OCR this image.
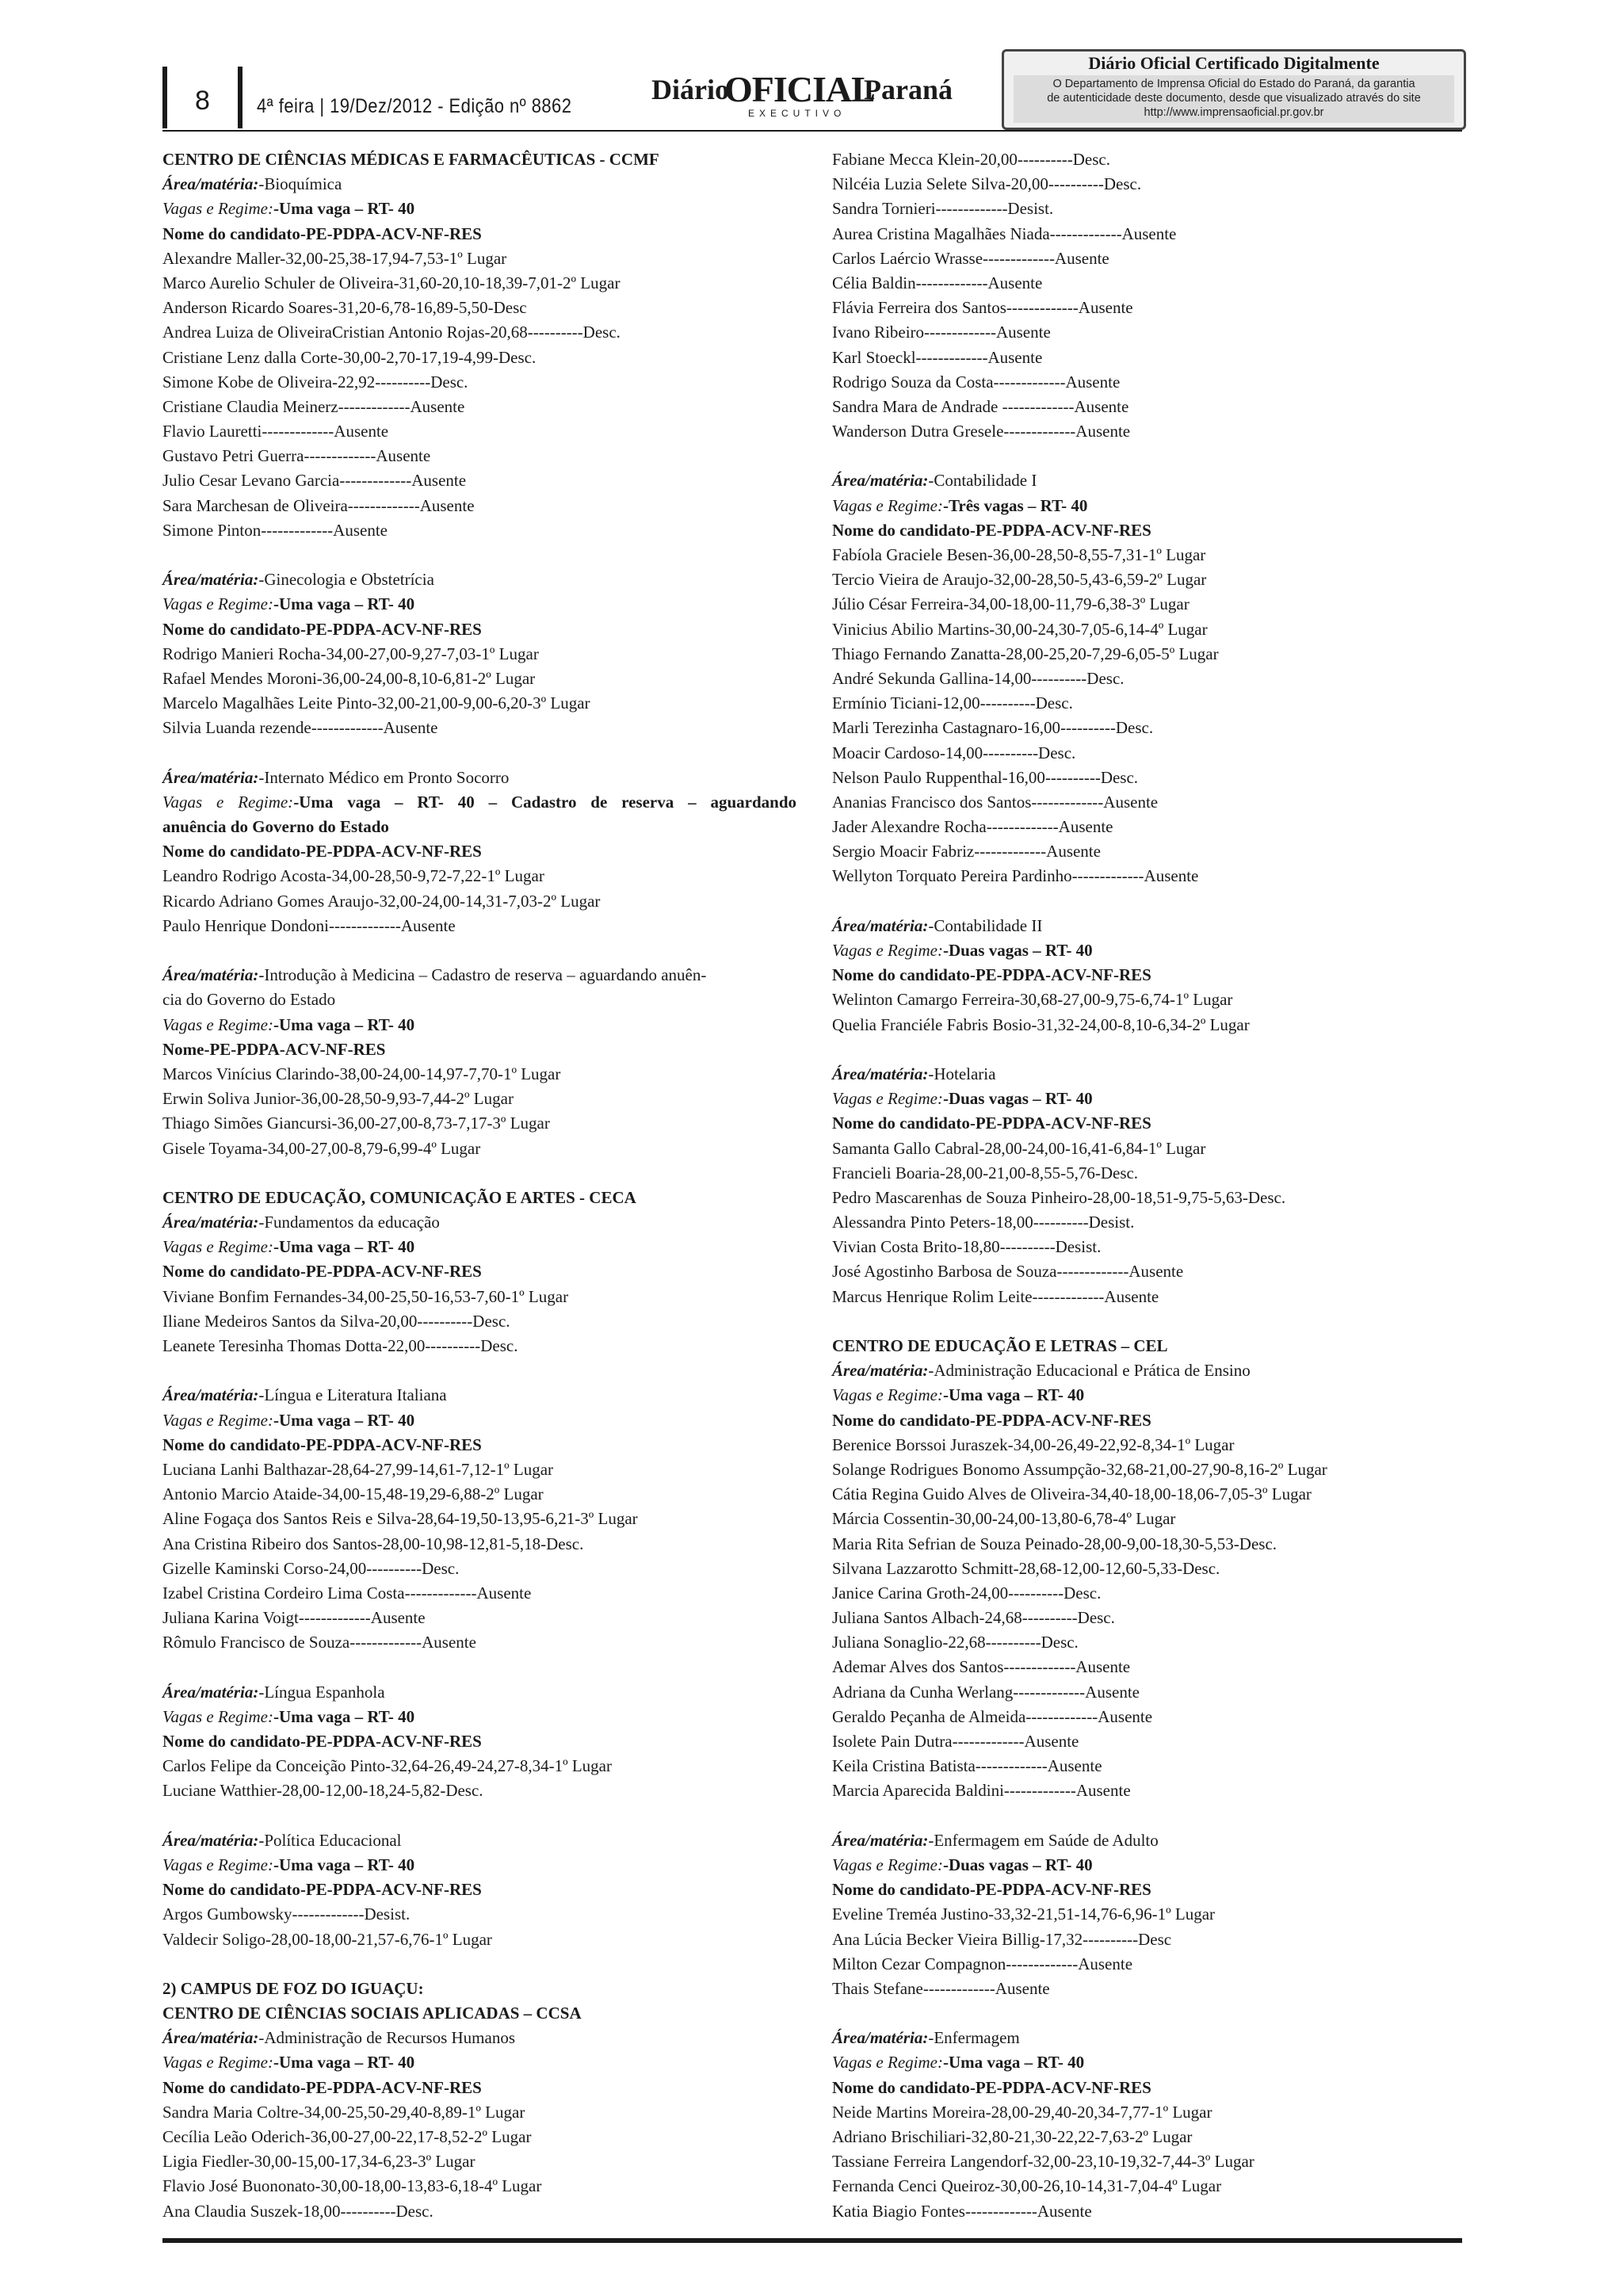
8 4ª feira | 19/Dez/2012 - Edição nº 8862
Diário
OFICIAL
Paraná
EXECUTIVO
Diário Oficial Certificado Digitalmente
O Departamento de Imprensa Oficial do Estado do Paraná, da garantia
de autenticidade deste documento, desde que visualizado através do site
http://www.imprensaoficial.pr.gov.br
CENTRO DE CIÊNCIAS MÉDICAS E FARMACÊUTICAS - CCMF
Área/matéria:-Bioquímica
Vagas e Regime:-Uma vaga – RT- 40
Nome do candidato-PE-PDPA-ACV-NF-RES
Alexandre Maller-32,00-25,38-17,94-7,53-1º Lugar
Marco Aurelio Schuler de Oliveira-31,60-20,10-18,39-7,01-2º Lugar
Anderson Ricardo Soares-31,20-6,78-16,89-5,50-Desc
Andrea Luiza de OliveiraCristian Antonio Rojas-20,68----------Desc.
Cristiane Lenz dalla Corte-30,00-2,70-17,19-4,99-Desc.
Simone Kobe de Oliveira-22,92----------Desc.
Cristiane Claudia Meinerz-------------Ausente
Flavio Lauretti-------------Ausente
Gustavo Petri Guerra-------------Ausente
Julio Cesar Levano Garcia-------------Ausente
Sara Marchesan de Oliveira-------------Ausente
Simone Pinton-------------Ausente
Área/matéria:-Ginecologia e Obstetrícia
Vagas e Regime:-Uma vaga – RT- 40
Nome do candidato-PE-PDPA-ACV-NF-RES
Rodrigo Manieri Rocha-34,00-27,00-9,27-7,03-1º Lugar
Rafael Mendes Moroni-36,00-24,00-8,10-6,81-2º Lugar
Marcelo Magalhães Leite Pinto-32,00-21,00-9,00-6,20-3º Lugar
Silvia Luanda rezende-------------Ausente
Área/matéria:-Internato Médico em Pronto Socorro
Vagas e Regime:-Uma vaga – RT- 40 – Cadastro de reserva – aguardando
anuência do Governo do Estado
Nome do candidato-PE-PDPA-ACV-NF-RES
Leandro Rodrigo Acosta-34,00-28,50-9,72-7,22-1º Lugar
Ricardo Adriano Gomes Araujo-32,00-24,00-14,31-7,03-2º Lugar
Paulo Henrique Dondoni-------------Ausente
Área/matéria:-Introdução à Medicina – Cadastro de reserva – aguardando anuên-
cia do Governo do Estado
Vagas e Regime:-Uma vaga – RT- 40
Nome-PE-PDPA-ACV-NF-RES
Marcos Vinícius Clarindo-38,00-24,00-14,97-7,70-1º Lugar
Erwin Soliva Junior-36,00-28,50-9,93-7,44-2º Lugar
Thiago Simões Giancursi-36,00-27,00-8,73-7,17-3º Lugar
Gisele Toyama-34,00-27,00-8,79-6,99-4º Lugar
CENTRO DE EDUCAÇÃO, COMUNICAÇÃO E ARTES - CECA
Área/matéria:-Fundamentos da educação
Vagas e Regime:-Uma vaga – RT- 40
Nome do candidato-PE-PDPA-ACV-NF-RES
Viviane Bonfim Fernandes-34,00-25,50-16,53-7,60-1º Lugar
Iliane Medeiros Santos da Silva-20,00----------Desc.
Leanete Teresinha Thomas Dotta-22,00----------Desc.
Área/matéria:-Língua e Literatura Italiana
Vagas e Regime:-Uma vaga – RT- 40
Nome do candidato-PE-PDPA-ACV-NF-RES
Luciana Lanhi Balthazar-28,64-27,99-14,61-7,12-1º Lugar
Antonio Marcio Ataide-34,00-15,48-19,29-6,88-2º Lugar
Aline Fogaça dos Santos Reis e Silva-28,64-19,50-13,95-6,21-3º Lugar
Ana Cristina Ribeiro dos Santos-28,00-10,98-12,81-5,18-Desc.
Gizelle Kaminski Corso-24,00----------Desc.
Izabel Cristina Cordeiro Lima Costa-------------Ausente
Juliana Karina Voigt-------------Ausente
Rômulo Francisco de Souza-------------Ausente
Área/matéria:-Língua Espanhola
Vagas e Regime:-Uma vaga – RT- 40
Nome do candidato-PE-PDPA-ACV-NF-RES
Carlos Felipe da Conceição Pinto-32,64-26,49-24,27-8,34-1º Lugar
Luciane Watthier-28,00-12,00-18,24-5,82-Desc.
Área/matéria:-Política Educacional
Vagas e Regime:-Uma vaga – RT- 40
Nome do candidato-PE-PDPA-ACV-NF-RES
Argos Gumbowsky-------------Desist.
Valdecir Soligo-28,00-18,00-21,57-6,76-1º Lugar
2) CAMPUS DE FOZ DO IGUAÇU:
CENTRO DE CIÊNCIAS SOCIAIS APLICADAS – CCSA
Área/matéria:-Administração de Recursos Humanos
Vagas e Regime:-Uma vaga – RT- 40
Nome do candidato-PE-PDPA-ACV-NF-RES
Sandra Maria Coltre-34,00-25,50-29,40-8,89-1º Lugar
Cecília Leão Oderich-36,00-27,00-22,17-8,52-2º Lugar
Ligia Fiedler-30,00-15,00-17,34-6,23-3º Lugar
Flavio José Buononato-30,00-18,00-13,83-6,18-4º Lugar
Ana Claudia Suszek-18,00----------Desc.
Fabiane Mecca Klein-20,00----------Desc.
Nilcéia Luzia Selete Silva-20,00----------Desc.
Sandra Tornieri-------------Desist.
Aurea Cristina Magalhães Niada-------------Ausente
Carlos Laércio Wrasse-------------Ausente
Célia Baldin-------------Ausente
Flávia Ferreira dos Santos-------------Ausente
Ivano Ribeiro-------------Ausente
Karl Stoeckl-------------Ausente
Rodrigo Souza da Costa-------------Ausente
Sandra Mara de Andrade -------------Ausente
Wanderson Dutra Gresele-------------Ausente
Área/matéria:-Contabilidade I
Vagas e Regime:-Três vagas – RT- 40
Nome do candidato-PE-PDPA-ACV-NF-RES
Fabíola Graciele Besen-36,00-28,50-8,55-7,31-1º Lugar
Tercio Vieira de Araujo-32,00-28,50-5,43-6,59-2º Lugar
Júlio César Ferreira-34,00-18,00-11,79-6,38-3º Lugar
Vinicius Abilio Martins-30,00-24,30-7,05-6,14-4º Lugar
Thiago Fernando Zanatta-28,00-25,20-7,29-6,05-5º Lugar
André Sekunda Gallina-14,00----------Desc.
Ermínio Ticiani-12,00----------Desc.
Marli Terezinha Castagnaro-16,00----------Desc.
Moacir Cardoso-14,00----------Desc.
Nelson Paulo Ruppenthal-16,00----------Desc.
Ananias Francisco dos Santos-------------Ausente
Jader Alexandre Rocha-------------Ausente
Sergio Moacir Fabriz-------------Ausente
Wellyton Torquato Pereira Pardinho-------------Ausente
Área/matéria:-Contabilidade II
Vagas e Regime:-Duas vagas – RT- 40
Nome do candidato-PE-PDPA-ACV-NF-RES
Welinton Camargo Ferreira-30,68-27,00-9,75-6,74-1º Lugar
Quelia Franciéle Fabris Bosio-31,32-24,00-8,10-6,34-2º Lugar
Área/matéria:-Hotelaria
Vagas e Regime:-Duas vagas – RT- 40
Nome do candidato-PE-PDPA-ACV-NF-RES
Samanta Gallo Cabral-28,00-24,00-16,41-6,84-1º Lugar
Francieli Boaria-28,00-21,00-8,55-5,76-Desc.
Pedro Mascarenhas de Souza Pinheiro-28,00-18,51-9,75-5,63-Desc.
Alessandra Pinto Peters-18,00----------Desist.
Vivian Costa Brito-18,80----------Desist.
José Agostinho Barbosa de Souza-------------Ausente
Marcus Henrique Rolim Leite-------------Ausente
CENTRO DE EDUCAÇÃO E LETRAS – CEL
Área/matéria:-Administração Educacional e Prática de Ensino
Vagas e Regime:-Uma vaga – RT- 40
Nome do candidato-PE-PDPA-ACV-NF-RES
Berenice Borssoi Juraszek-34,00-26,49-22,92-8,34-1º Lugar
Solange Rodrigues Bonomo Assumpção-32,68-21,00-27,90-8,16-2º Lugar
Cátia Regina Guido Alves de Oliveira-34,40-18,00-18,06-7,05-3º Lugar
Márcia Cossentin-30,00-24,00-13,80-6,78-4º Lugar
Maria Rita Sefrian de Souza Peinado-28,00-9,00-18,30-5,53-Desc.
Silvana Lazzarotto Schmitt-28,68-12,00-12,60-5,33-Desc.
Janice Carina Groth-24,00----------Desc.
Juliana Santos Albach-24,68----------Desc.
Juliana Sonaglio-22,68----------Desc.
Ademar Alves dos Santos-------------Ausente
Adriana da Cunha Werlang-------------Ausente
Geraldo Peçanha de Almeida-------------Ausente
Isolete Pain Dutra-------------Ausente
Keila Cristina Batista-------------Ausente
Marcia Aparecida Baldini-------------Ausente
Área/matéria:-Enfermagem em Saúde de Adulto
Vagas e Regime:-Duas vagas – RT- 40
Nome do candidato-PE-PDPA-ACV-NF-RES
Eveline Treméa Justino-33,32-21,51-14,76-6,96-1º Lugar
Ana Lúcia Becker Vieira Billig-17,32----------Desc
Milton Cezar Compagnon-------------Ausente
Thais Stefane-------------Ausente
Área/matéria:-Enfermagem
Vagas e Regime:-Uma vaga – RT- 40
Nome do candidato-PE-PDPA-ACV-NF-RES
Neide Martins Moreira-28,00-29,40-20,34-7,77-1º Lugar
Adriano Brischiliari-32,80-21,30-22,22-7,63-2º Lugar
Tassiane Ferreira Langendorf-32,00-23,10-19,32-7,44-3º Lugar
Fernanda Cenci Queiroz-30,00-26,10-14,31-7,04-4º Lugar
Katia Biagio Fontes-------------Ausente
